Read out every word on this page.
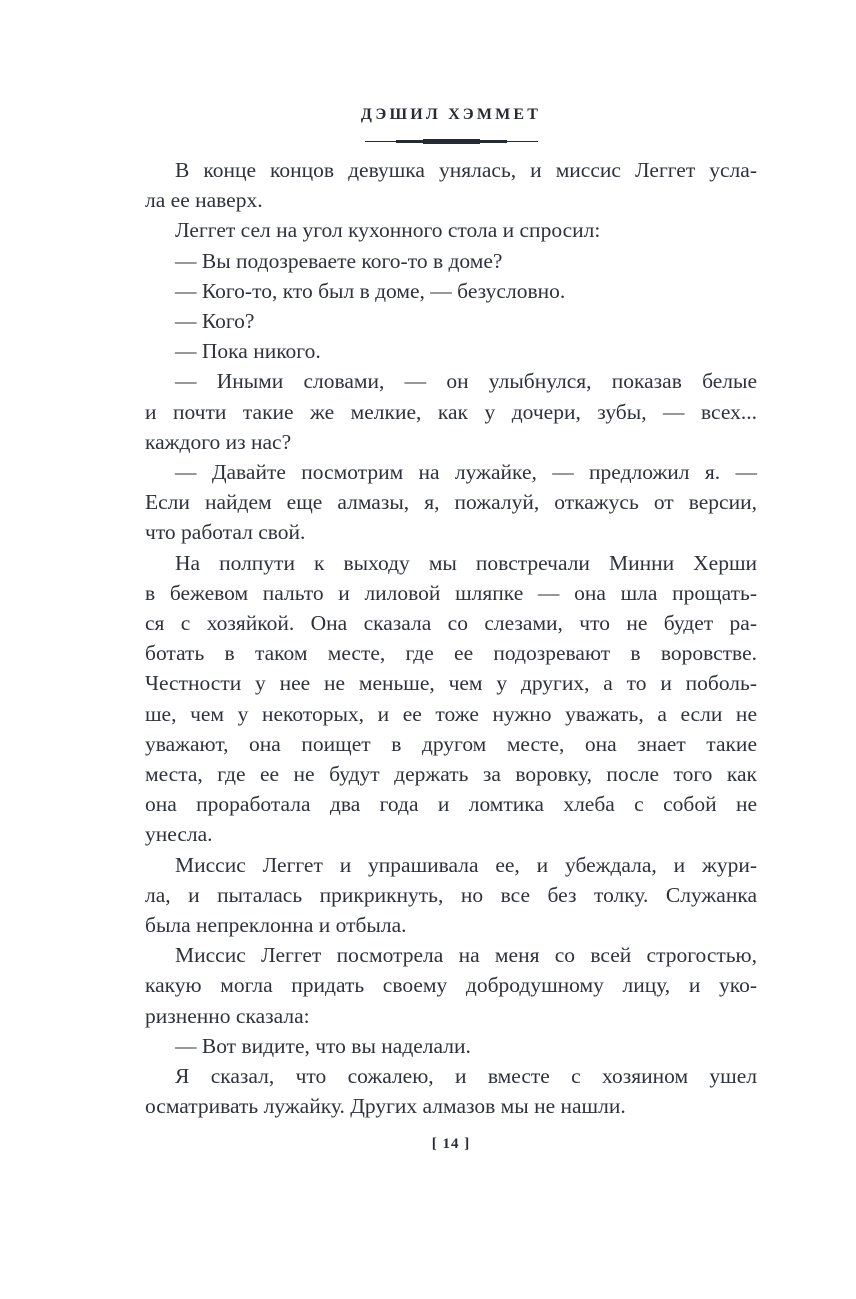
ДЭШИЛ ХЭММЕТ
В конце концов девушка унялась, и миссис Леггет усла-
ла ее наверх.
Леггет сел на угол кухонного стола и спросил:
— Вы подозреваете кого-то в доме?
— Кого-то, кто был в доме, — безусловно.
— Кого?
— Пока никого.
— Иными словами, — он улыбнулся, показав белые
и почти такие же мелкие, как у дочери, зубы, — всех...
каждого из нас?
— Давайте посмотрим на лужайке, — предложил я. —
Если найдем еще алмазы, я, пожалуй, откажусь от версии,
что работал свой.
На полпути к выходу мы повстречали Минни Херши
в бежевом пальто и лиловой шляпке — она шла прощать-
ся с хозяйкой. Она сказала со слезами, что не будет ра-
ботать в таком месте, где ее подозревают в воровстве.
Честности у нее не меньше, чем у других, а то и поболь-
ше, чем у некоторых, и ее тоже нужно уважать, а если не
уважают, она поищет в другом месте, она знает такие
места, где ее не будут держать за воровку, после того как
она проработала два года и ломтика хлеба с собой не
унесла.
Миссис Леггет и упрашивала ее, и убеждала, и жури-
ла, и пыталась прикрикнуть, но все без толку. Служанка
была непреклонна и отбыла.
Миссис Леггет посмотрела на меня со всей строгостью,
какую могла придать своему добродушному лицу, и уко-
ризненно сказала:
— Вот видите, что вы наделали.
Я сказал, что сожалею, и вместе с хозяином ушел
осматривать лужайку. Других алмазов мы не нашли.
[ 14 ]
